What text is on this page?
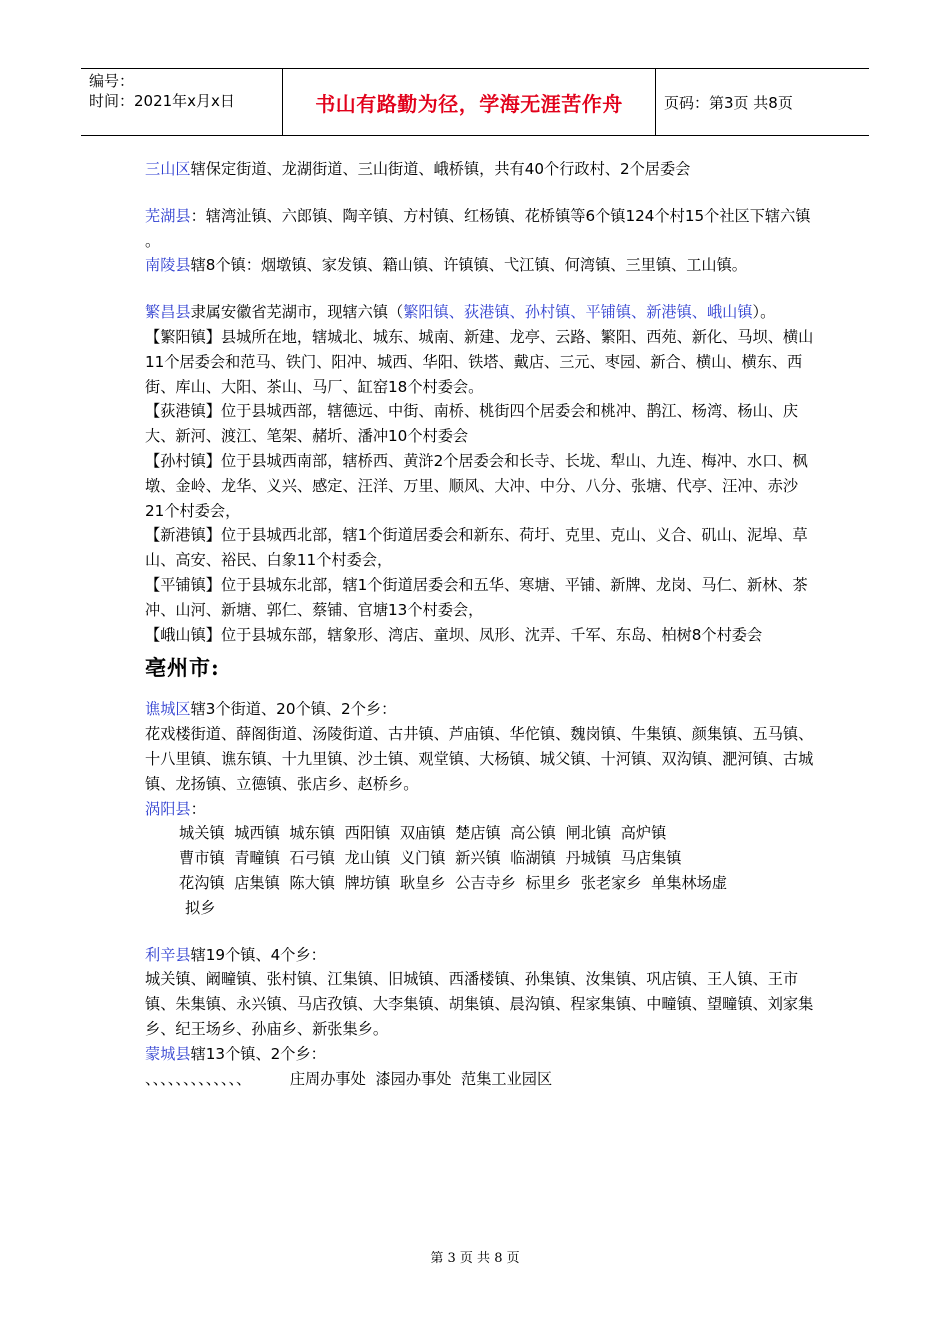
编号：
时间：2021年x月x日	书山有路勤为径，学海无涯苦作舟	页码：第3页 共8页

三山区辖保定街道、龙湖街道、三山街道、峨桥镇，共有40个行政村、2个居委会

芜湖县：辖湾沚镇、六郎镇、陶辛镇、方村镇、红杨镇、花桥镇等6个镇124个村15个社区下辖六镇 。

南陵县辖8个镇：烟墩镇、家发镇、籍山镇、许镇镇、弋江镇、何湾镇、三里镇、工山镇。

繁昌县隶属安徽省芜湖市，现辖六镇（繁阳镇、荻港镇、孙村镇、平铺镇、新港镇、峨山镇）。

【繁阳镇】县城所在地，辖城北、城东、城南、新建、龙亭、云路、繁阳、西苑、新化、马坝、横山11个居委会和范马、铁门、阳冲、城西、华阳、铁塔、戴店、三元、枣园、新合、横山、横东、西街、库山、大阳、茶山、马厂、缸窑18个村委会。

【荻港镇】位于县城西部，辖德远、中街、南桥、桃街四个居委会和桃冲、鹊江、杨湾、杨山、庆大、新河、渡江、笔架、赭圻、潘冲10个村委会

【孙村镇】位于县城西南部，辖桥西、黄浒2个居委会和长寺、长垅、犁山、九连、梅冲、水口、枫墩、金岭、龙华、义兴、感定、汪洋、万里、顺风、大冲、中分、八分、张塘、代亭、汪冲、赤沙21个村委会，

【新港镇】位于县城西北部，辖1个街道居委会和新东、荷圩、克里、克山、义合、矶山、泥埠、草山、高安、裕民、白象11个村委会，

【平铺镇】位于县城东北部，辖1个街道居委会和五华、寒塘、平铺、新牌、龙岗、马仁、新林、茶冲、山河、新塘、郭仁、蔡铺、官塘13个村委会，

【峨山镇】位于县城东部，辖象形、湾店、童坝、凤形、沈弄、千军、东岛、柏树8个村委会

亳州市:

谯城区辖3个街道、20个镇、2个乡：

花戏楼街道、薛阁街道、汤陵街道、古井镇、芦庙镇、华佗镇、魏岗镇、牛集镇、颜集镇、五马镇、十八里镇、谯东镇、十九里镇、沙土镇、观堂镇、大杨镇、城父镇、十河镇、双沟镇、淝河镇、古城镇、龙扬镇、立德镇、张店乡、赵桥乡。

涡阳县：

城关镇  城西镇  城东镇  西阳镇  双庙镇  楚店镇  高公镇  闸北镇  高炉镇

曹市镇  青疃镇  石弓镇  龙山镇  义门镇  新兴镇  临湖镇  丹城镇  马店集镇

花沟镇  店集镇  陈大镇  牌坊镇  耿皇乡  公吉寺乡  标里乡  张老家乡  单集林场虚

拟乡

利辛县辖19个镇、4个乡：

城关镇、阚疃镇、张村镇、江集镇、旧城镇、西潘楼镇、孙集镇、汝集镇、巩店镇、王人镇、王市镇、朱集镇、永兴镇、马店孜镇、大李集镇、胡集镇、晨沟镇、程家集镇、中疃镇、望疃镇、刘家集乡、纪王场乡、孙庙乡、新张集乡。

蒙城县辖13个镇、2个乡：

、、、、、、、、、、、、、        庄周办事处  漆园办事处  范集工业园区

第 3 页 共 8 页
